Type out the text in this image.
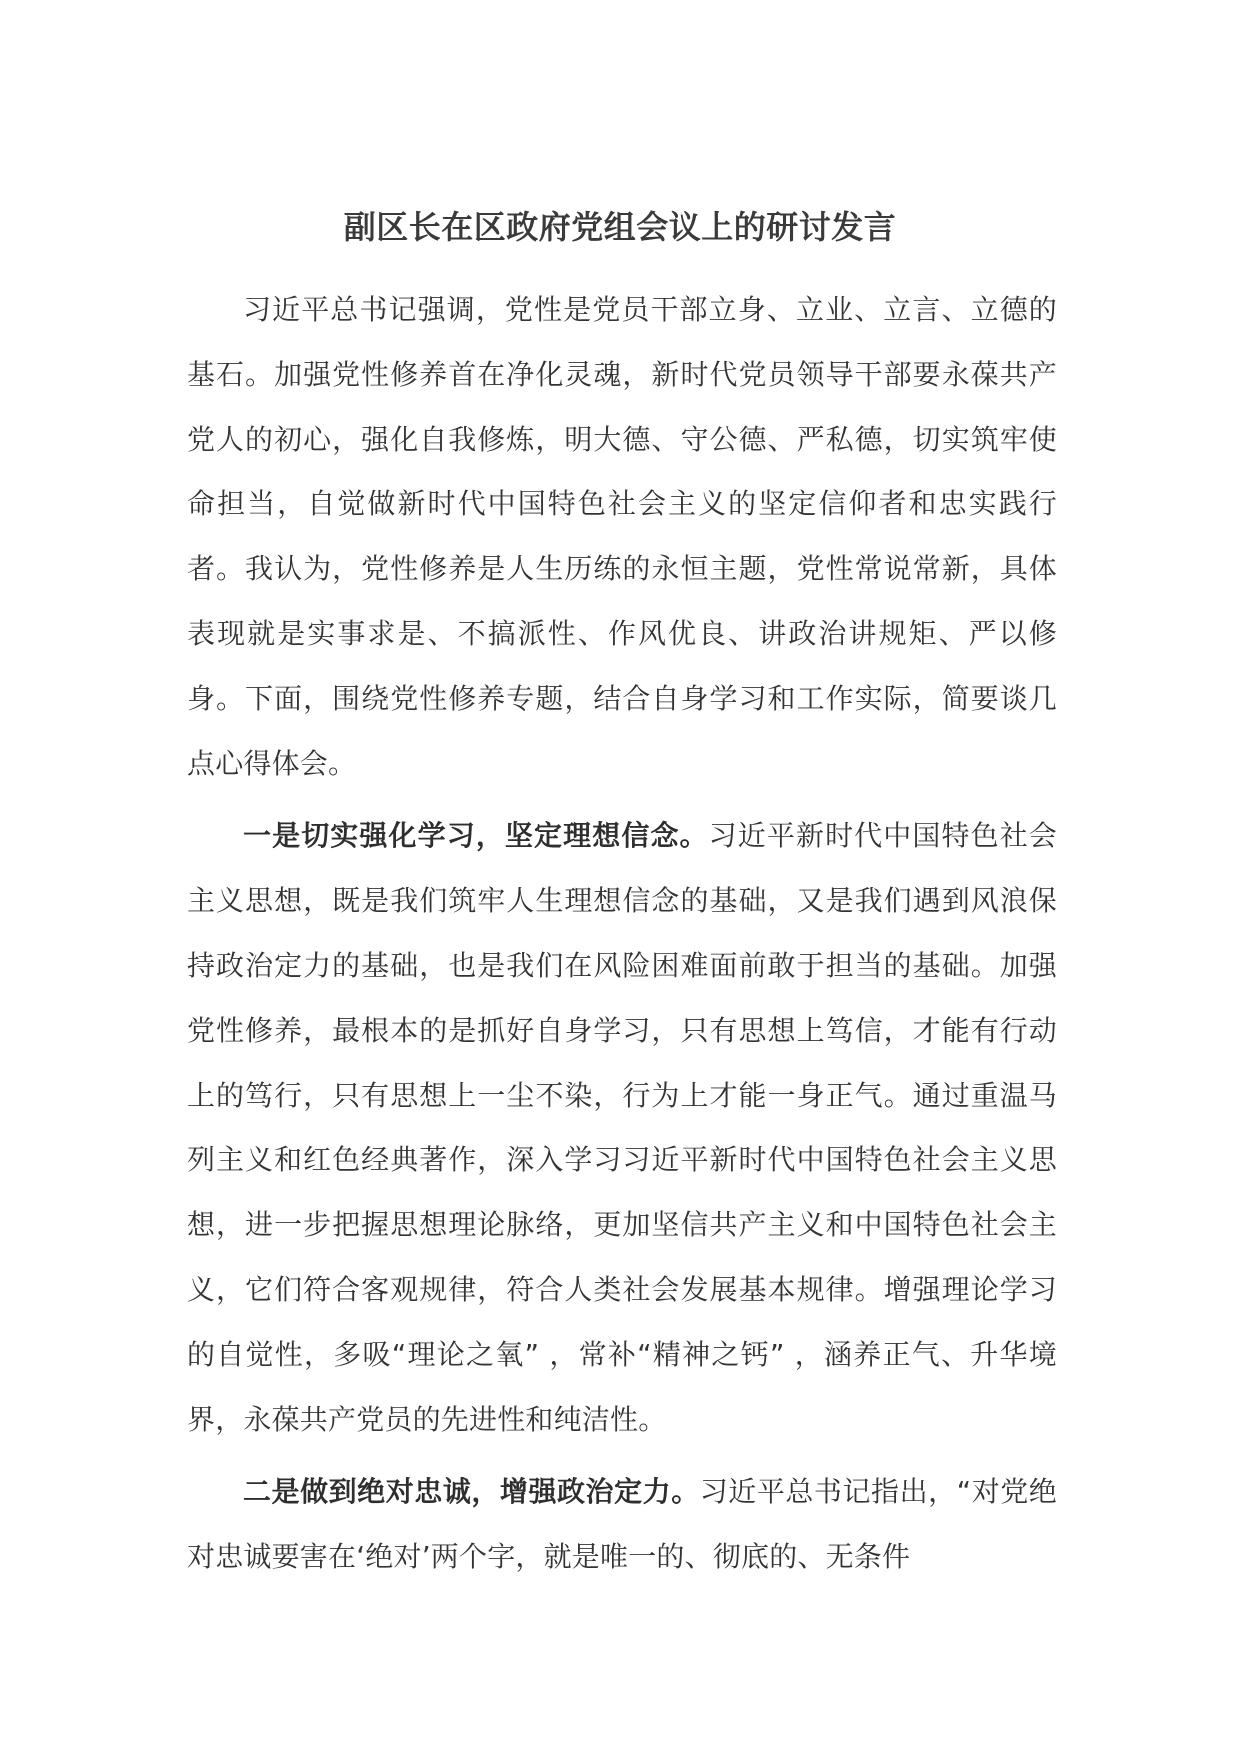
副区长在区政府党组会议上的研讨发言

习近平总书记强调，党性是党员干部立身、立业、立言、立德的基石。加强党性修养首在净化灵魂，新时代党员领导干部要永葆共产党人的初心，强化自我修炼，明大德、守公德、严私德，切实筑牢使命担当，自觉做新时代中国特色社会主义的坚定信仰者和忠实践行者。我认为，党性修养是人生历练的永恒主题，党性常说常新，具体表现就是实事求是、不搞派性、作风优良、讲政治讲规矩、严以修身。下面，围绕党性修养专题，结合自身学习和工作实际，简要谈几点心得体会。

一是切实强化学习，坚定理想信念。习近平新时代中国特色社会主义思想，既是我们筑牢人生理想信念的基础，又是我们遇到风浪保持政治定力的基础，也是我们在风险困难面前敢于担当的基础。加强党性修养，最根本的是抓好自身学习，只有思想上笃信，才能有行动上的笃行，只有思想上一尘不染，行为上才能一身正气。通过重温马列主义和红色经典著作，深入学习习近平新时代中国特色社会主义思想，进一步把握思想理论脉络，更加坚信共产主义和中国特色社会主义，它们符合客观规律，符合人类社会发展基本规律。增强理论学习的自觉性，多吸“理论之氧” ，常补“精神之钙” ，涵养正气、升华境界，永葆共产党员的先进性和纯洁性。

二是做到绝对忠诚，增强政治定力。习近平总书记指出，“对党绝对忠诚要害在‘绝对’两个字，就是唯一的、彻底的、无条件
